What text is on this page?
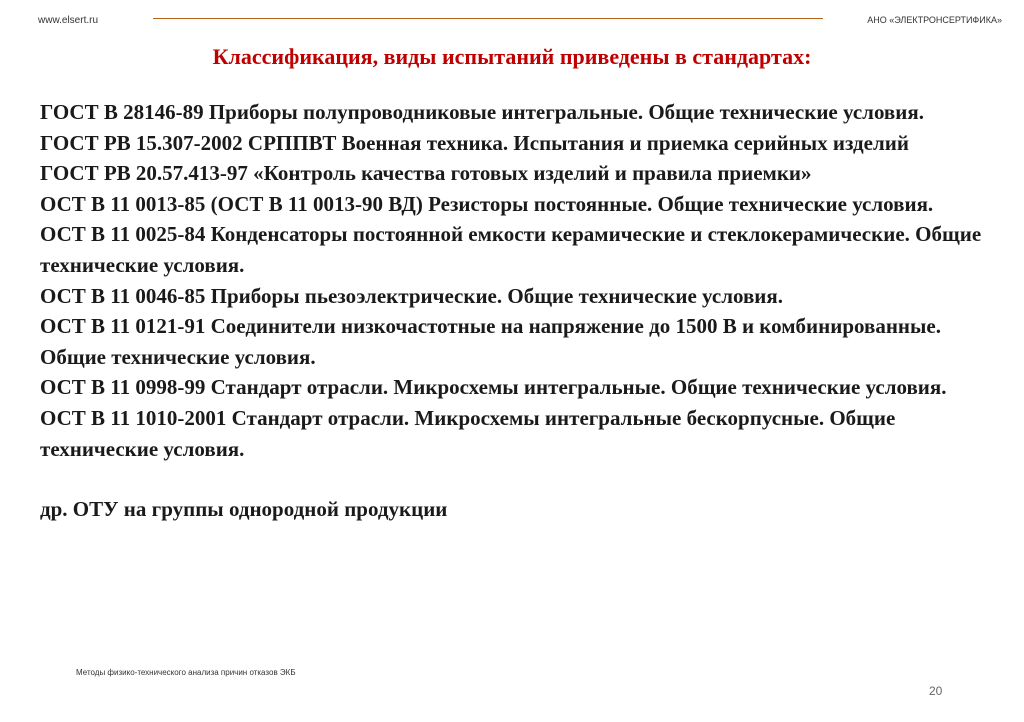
www.elsert.ru	АНО «ЭЛЕКТРОНСЕРТИФИКА»
Классификация, виды испытаний приведены в стандартах:

ГОСТ В 28146-89 Приборы полупроводниковые интегральные. Общие технические условия.

ГОСТ РВ 15.307-2002 СРППВТ Военная техника. Испытания и приемка серийных изделий

ГОСТ РВ 20.57.413-97 «Контроль качества готовых изделий и правила приемки»

ОСТ В 11 0013-85 (ОСТ В 11 0013-90 ВД) Резисторы постоянные. Общие технические условия.

ОСТ В 11 0025-84 Конденсаторы постоянной емкости керамические и стеклокерамические. Общие технические условия.

ОСТ В 11 0046-85 Приборы пьезоэлектрические. Общие технические условия.

ОСТ В 11 0121-91 Соединители низкочастотные на напряжение до 1500 В и комбинированные. Общие технические условия.

ОСТ В 11 0998-99 Стандарт отрасли. Микросхемы интегральные. Общие технические условия.

ОСТ В 11 1010-2001 Стандарт отрасли. Микросхемы интегральные бескорпусные. Общие технические условия.

др. ОТУ на группы однородной продукции

Методы физико-технического анализа причин отказов ЭКБ
20
